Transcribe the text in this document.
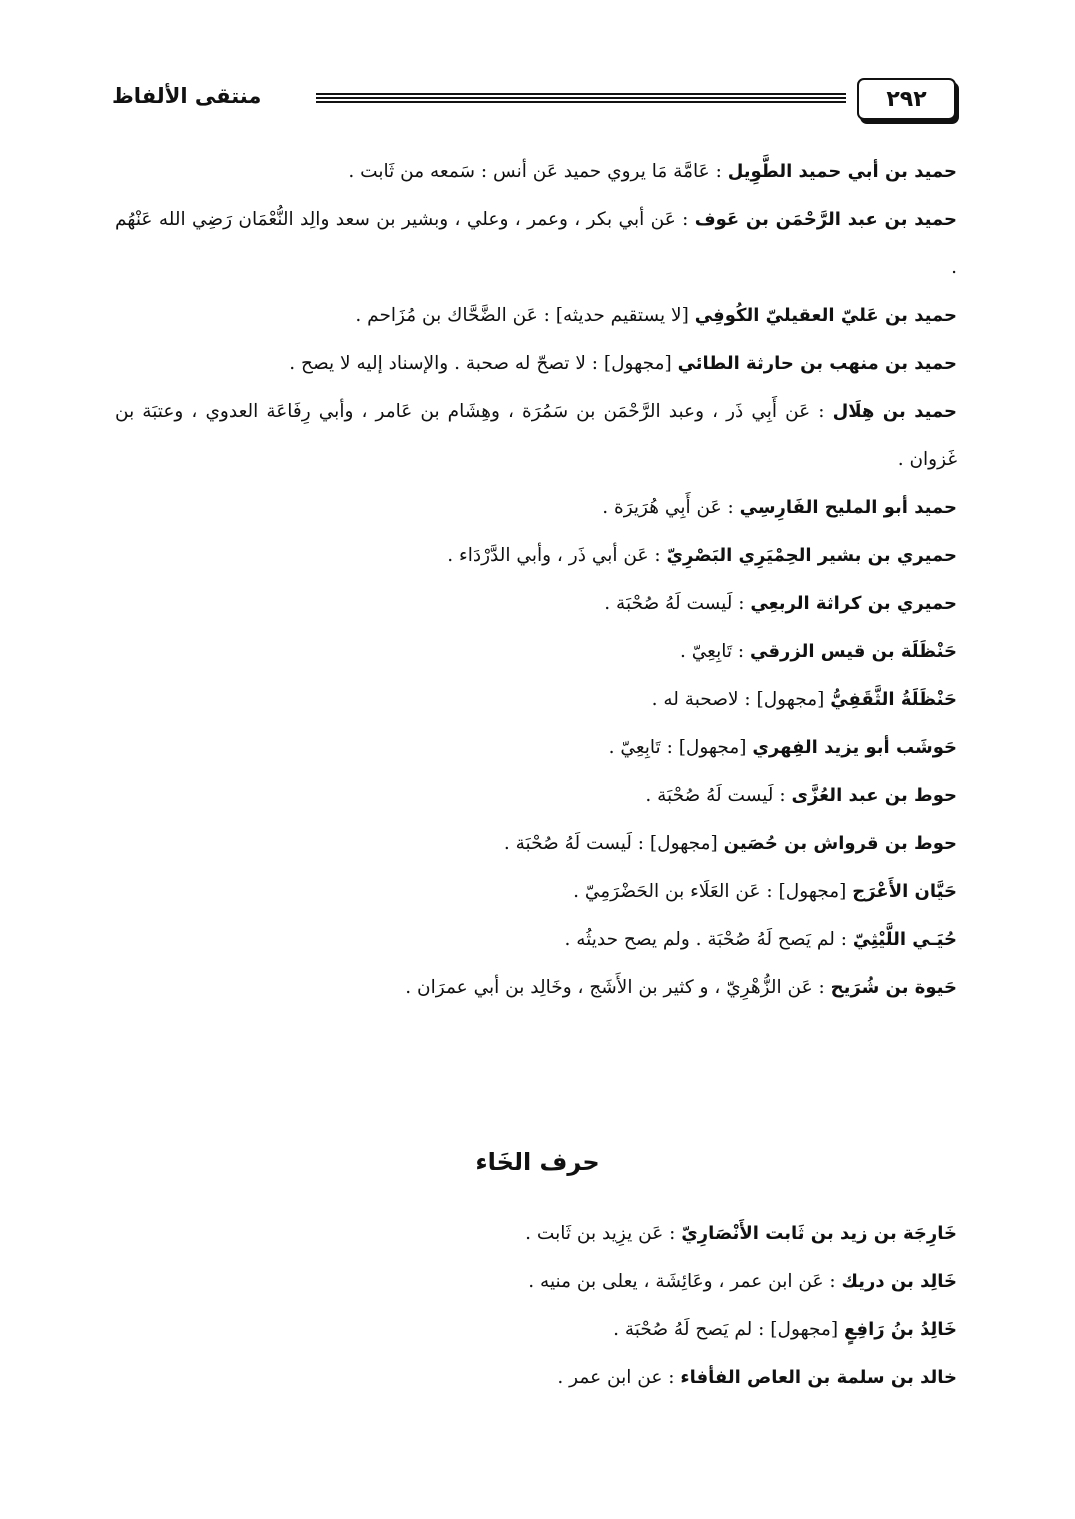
٢٩٢
منتقى الألفاظ
حميد بن أبي حميد الطَّوِيل : عَامَّة مَا يروي حميد عَن أنس : سَمعه من ثَابت .
حميد بن عبد الرَّحْمَن بن عَوف : عَن أبي بكر ، وعمر ، وعلي ، وبشير بن سعد والِد النُّعْمَان رَضِي الله عَنْهُم .
حميد بن عَليّ العقيليّ الكُوفِي [لا يستقيم حديثه] : عَن الضَّحَّاك بن مُزَاحم .
حميد بن منهب بن حارثة الطائي [مجهول] : لا تصحّ له صحبة . والإسناد إليه لا يصح .
حميد بن هِلَال : عَن أَبِي ذَر ، وعبد الرَّحْمَن بن سَمُرَة ، وهِشَام بن عَامر ، وأبي رِفَاعَة العدوي ، وعتبَة بن غَزوان .
حميد أبو المليح الفَارِسِي : عَن أَبِي هُرَيرَة .
حميري بن بشير الحِمْيَرِي البَصْرِيّ : عَن أبي ذَر ، وأبي الدَّرْدَاء .
حميري بن كراثة الربعِي : لَيست لَهُ صُحْبَة .
حَنْظَلَة بن قيس الزرقي : تَابِعِيّ .
حَنْظَلَةُ الثَّقَفِيُّ [مجهول] : لاصحبة له .
حَوشَب أبو يزيد الفِهري [مجهول] : تَابِعِيّ .
حوط بن عبد العُزَّى : لَيست لَهُ صُحْبَة .
حوط بن قرواش بن حُصَين [مجهول] : لَيست لَهُ صُحْبَة .
حَيَّان الأَعْرَج [مجهول] : عَن العَلَاء بن الحَضْرَمِيّ .
حُيَـي اللَّيْثِيّ : لم يَصح لَهُ صُحْبَة . ولم يصح حديثُه .
حَيوة بن شُرَيح : عَن الزُّهْرِيّ ، و كثير بن الأَشَج ، وخَالِد بن أبي عمرَان .
حرف الخَاء
خَارِجَة بن زيد بن ثَابت الأَنْصَارِيّ : عَن يزِيد بن ثَابت .
خَالِد بن دريك : عَن ابن عمر ، وعَائِشَة ، يعلى بن منيه .
خَالِدُ بنُ رَافِعٍ [مجهول] : لم يَصح لَهُ صُحْبَة .
خالد بن سلمة بن العاص الفأفاء : عن ابن عمر .
